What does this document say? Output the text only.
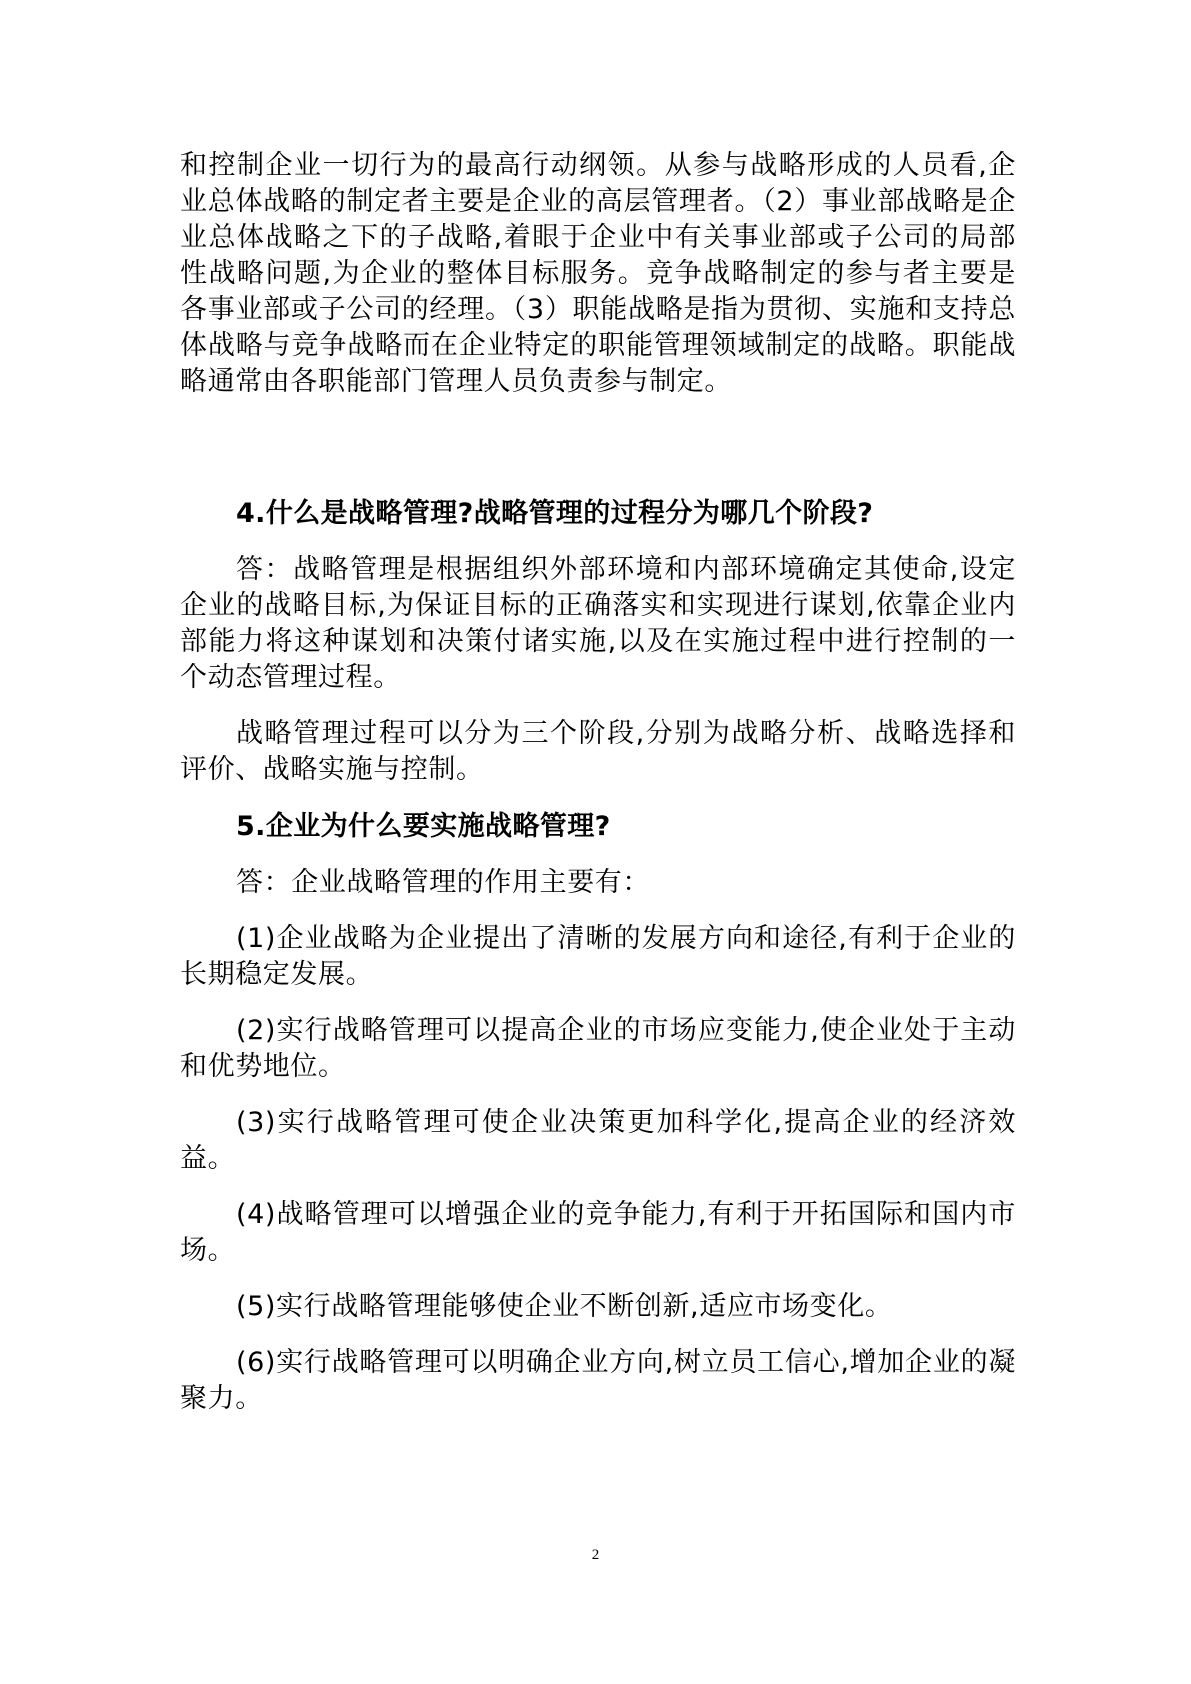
和控制企业一切行为的最高行动纲领。从参与战略形成的人员看,企业总体战略的制定者主要是企业的高层管理者。（2）事业部战略是企业总体战略之下的子战略,着眼于企业中有关事业部或子公司的局部性战略问题,为企业的整体目标服务。竞争战略制定的参与者主要是各事业部或子公司的经理。（3）职能战略是指为贯彻、实施和支持总体战略与竞争战略而在企业特定的职能管理领域制定的战略。职能战略通常由各职能部门管理人员负责参与制定。

4.什么是战略管理?战略管理的过程分为哪几个阶段?

答：战略管理是根据组织外部环境和内部环境确定其使命,设定企业的战略目标,为保证目标的正确落实和实现进行谋划,依靠企业内部能力将这种谋划和决策付诸实施,以及在实施过程中进行控制的一个动态管理过程。

战略管理过程可以分为三个阶段,分别为战略分析、战略选择和评价、战略实施与控制。

5.企业为什么要实施战略管理?

答：企业战略管理的作用主要有：

(1)企业战略为企业提出了清晰的发展方向和途径,有利于企业的长期稳定发展。

(2)实行战略管理可以提高企业的市场应变能力,使企业处于主动和优势地位。

(3)实行战略管理可使企业决策更加科学化,提高企业的经济效益。

(4)战略管理可以增强企业的竞争能力,有利于开拓国际和国内市场。

(5)实行战略管理能够使企业不断创新,适应市场变化。

(6)实行战略管理可以明确企业方向,树立员工信心,增加企业的凝聚力。

2
